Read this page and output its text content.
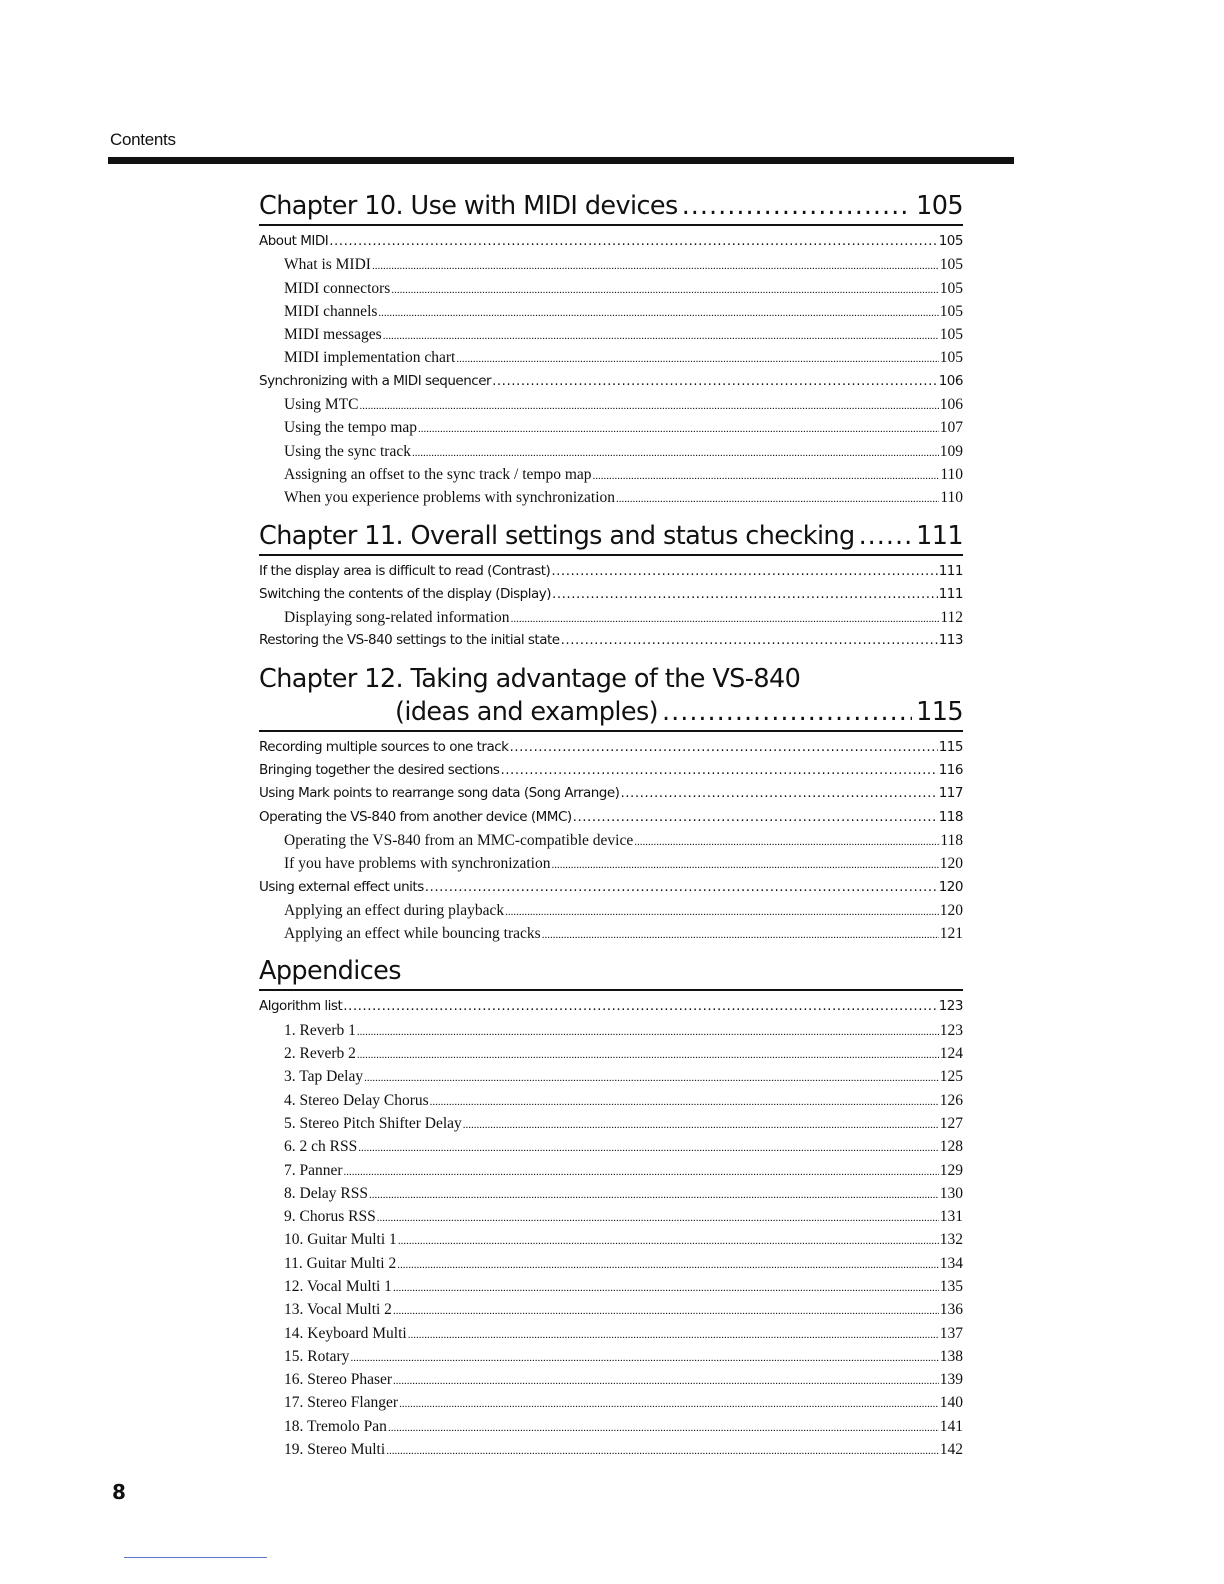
Contents
Chapter 10. Use with MIDI devices .....	105
About MIDI .....	105
What is MIDI .....	105
MIDI connectors .....	105
MIDI channels .....	105
MIDI messages .....	105
MIDI implementation chart .....	105
Synchronizing with a MIDI sequencer .....	106
Using MTC .....	106
Using the tempo map .....	107
Using the sync track .....	109
Assigning an offset to the sync track / tempo map .....	110
When you experience problems with synchronization .....	110
Chapter 11. Overall settings and status checking ..... 111
If the display area is difficult to read (Contrast) .....	111
Switching the contents of the display (Display) .....	111
Displaying song-related information .....	112
Restoring the VS-840 settings to the initial state .....	113
Chapter 12. Taking advantage of the VS-840
(ideas and examples) .....	115
Recording multiple sources to one track .....	115
Bringing together the desired sections .....	116
Using Mark points to rearrange song data (Song Arrange) .....	117
Operating the VS-840 from another device (MMC) .....	118
Operating the VS-840 from an MMC-compatible device .....	118
If you have problems with synchronization .....	120
Using external effect units .....	120
Applying an effect during playback .....	120
Applying an effect while bouncing tracks .....	121
Appendices
Algorithm list .....	123
1. Reverb 1 .....	123
2. Reverb 2 .....	124
3. Tap Delay .....	125
4. Stereo Delay Chorus .....	126
5. Stereo Pitch Shifter Delay .....	127
6. 2 ch RSS .....	128
7. Panner .....	129
8. Delay RSS .....	130
9. Chorus RSS .....	131
10. Guitar Multi 1 .....	132
11. Guitar Multi 2 .....	134
12. Vocal Multi 1 .....	135
13. Vocal Multi 2 .....	136
14. Keyboard Multi .....	137
15. Rotary .....	138
16. Stereo Phaser .....	139
17. Stereo Flanger .....	140
18. Tremolo Pan .....	141
19. Stereo Multi .....	142
8
